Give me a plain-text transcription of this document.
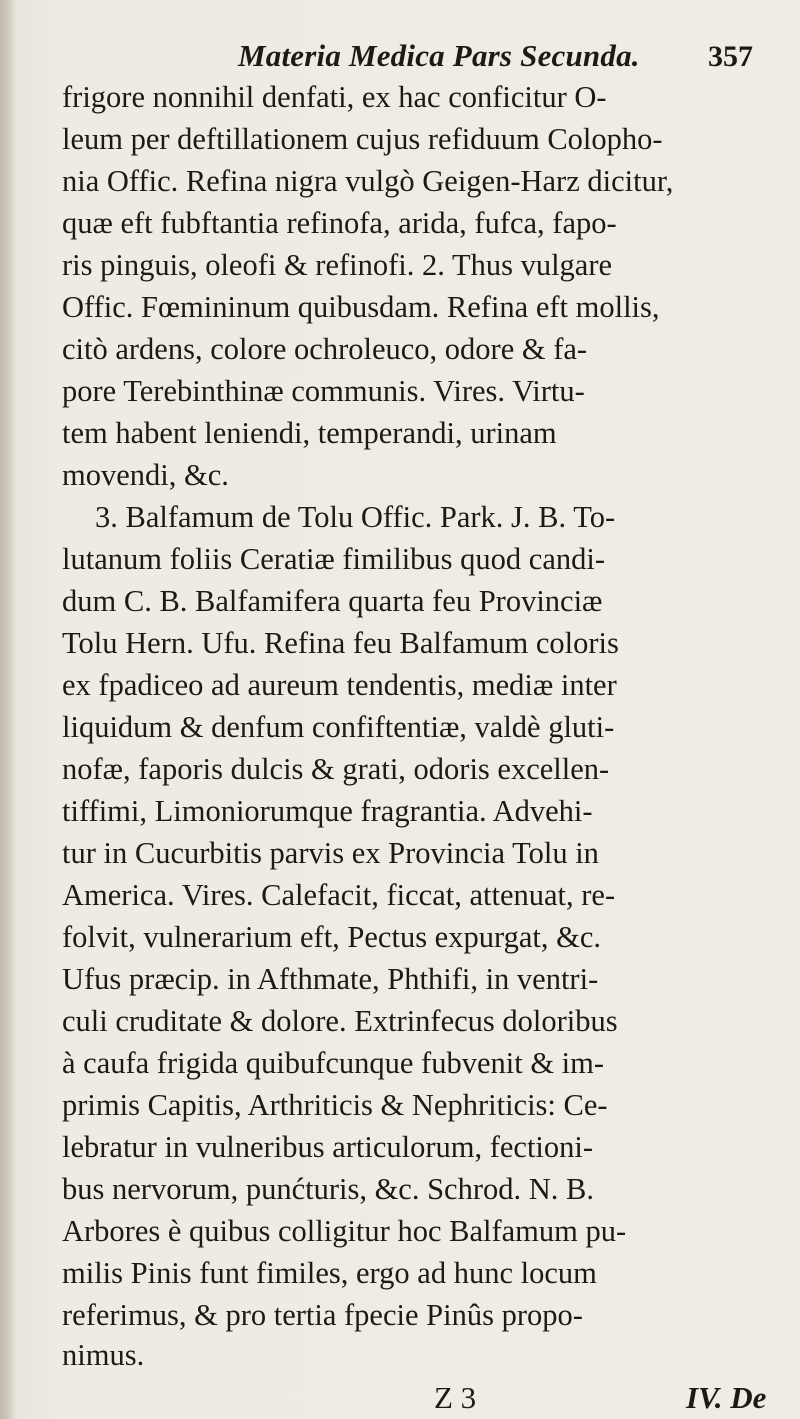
Materia Medica Pars Secunda. 357
frigore nonnihil denfati, ex hac conficitur O-
leum per deftillationem cujus refiduum Colopho-
nia Offic. Refina nigra vulgò Geigen-Harz dicitur,
quæ eft fubftantia refinofa, arida, fufca, fapo-
ris pinguis, oleofi & refinofi. 2. Thus vulgare
Offic. Fœmininum quibusdam. Refina eft mollis,
citò ardens, colore ochroleuco, odore & fa-
pore Terebinthinæ communis. Vires. Virtu-
tem habent leniendi, temperandi, urinam
movendi, &c.
3. Balfamum de Tolu Offic. Park. J. B. To-
lutanum foliis Ceratiæ fimilibus quod candi-
dum C. B. Balfamifera quarta feu Provinciæ
Tolu Hern. Ufu. Refina feu Balfamum coloris
ex fpadiceo ad aureum tendentis, mediæ inter
liquidum & denfum confiftentiæ, valdè gluti-
nofæ, faporis dulcis & grati, odoris excellen-
tiffimi, Limoniorumque fragrantia. Advehi-
tur in Cucurbitis parvis ex Provincia Tolu in
America. Vires. Calefacit, ficcat, attenuat, re-
folvit, vulnerarium eft, Pectus expurgat, &c.
Ufus præcip. in Afthmate, Phthifi, in ventri-
culi cruditate & dolore. Extrinfecus doloribus
à caufa frigida quibufcunque fubvenit & im-
primis Capitis, Arthriticis & Nephriticis: Ce-
lebratur in vulneribus articulorum, fectioni-
bus nervorum, punćturis, &c. Schrod. N. B.
Arbores è quibus colligitur hoc Balfamum pu-
milis Pinis funt fimiles, ergo ad hunc locum
referimus, & pro tertia fpecie Pinûs propo-
nimus.
Z 3	IV. De
